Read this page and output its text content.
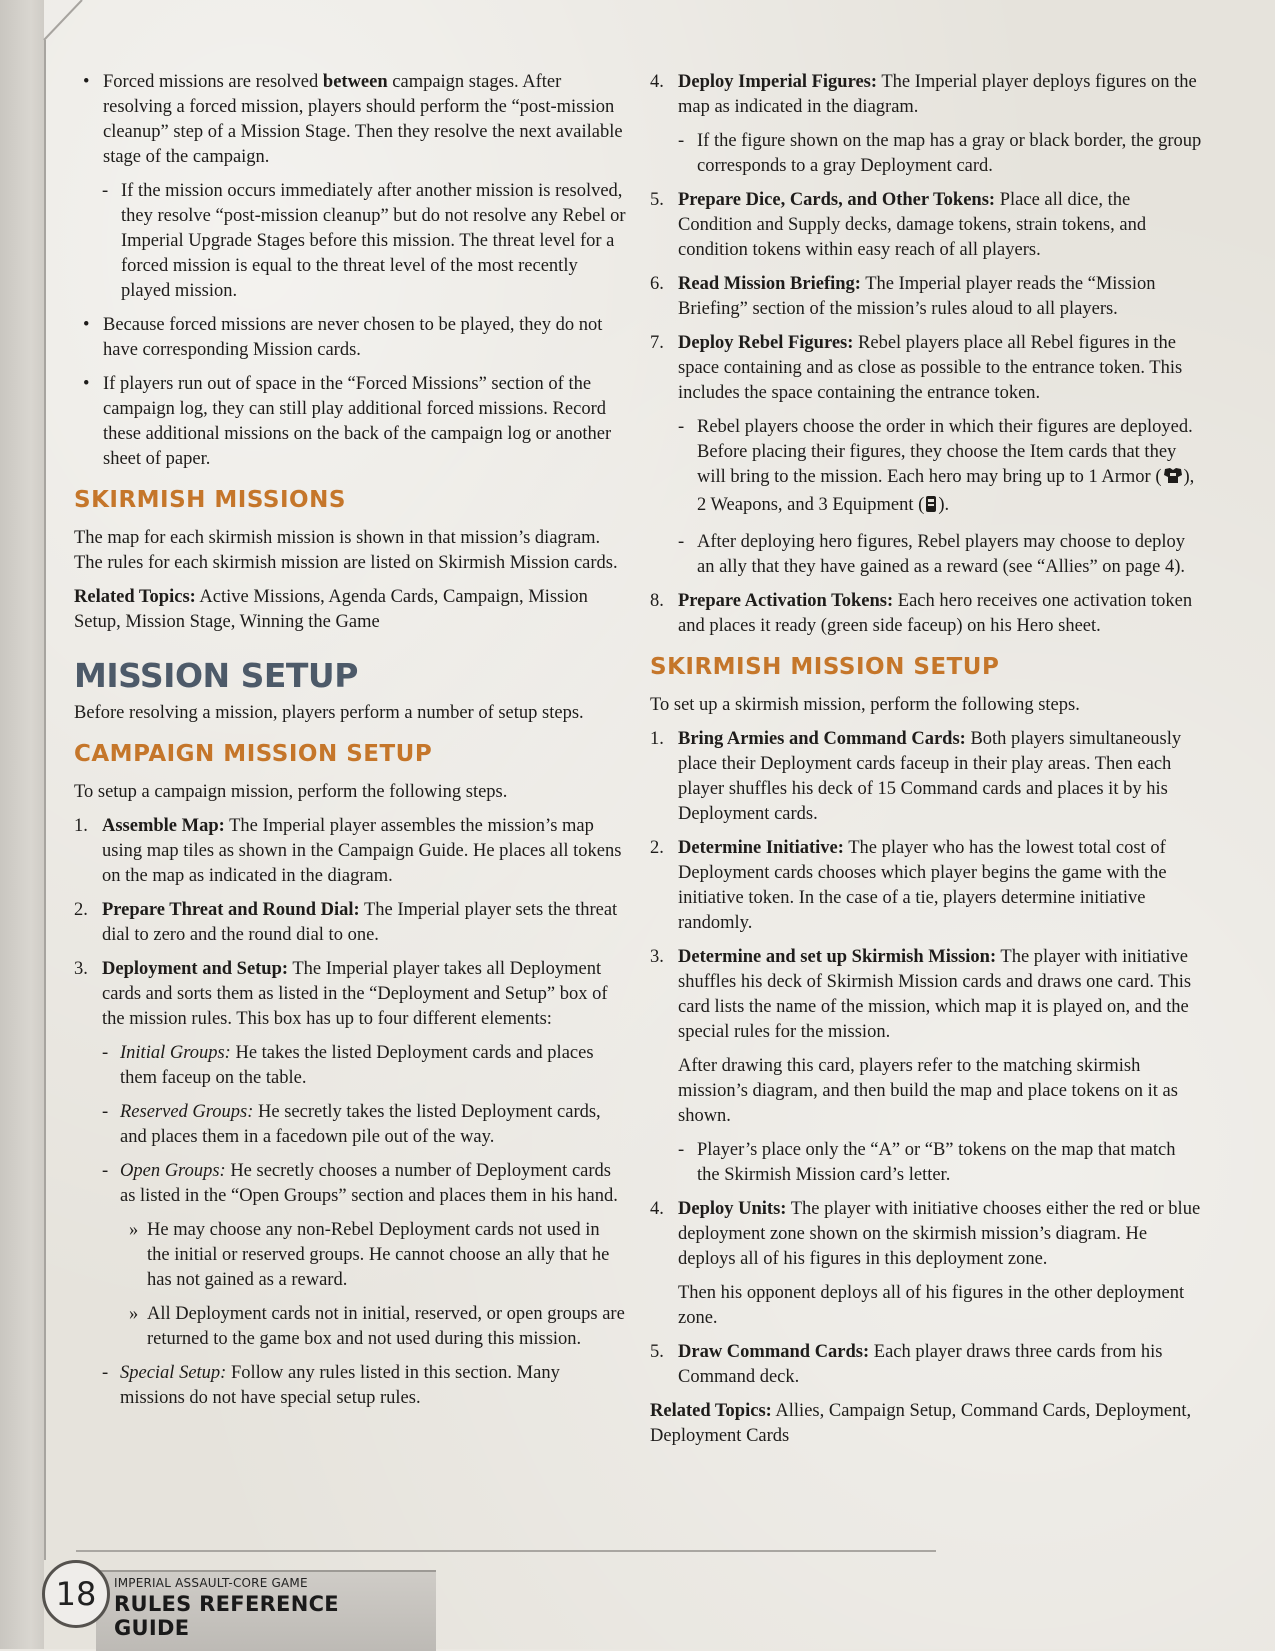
• Forced missions are resolved between campaign stages. After resolving a forced mission, players should perform the “post-mission cleanup” step of a Mission Stage. Then they resolve the next available stage of the campaign.
- If the mission occurs immediately after another mission is resolved, they resolve “post-mission cleanup” but do not resolve any Rebel or Imperial Upgrade Stages before this mission. The threat level for a forced mission is equal to the threat level of the most recently played mission.
• Because forced missions are never chosen to be played, they do not have corresponding Mission cards.
• If players run out of space in the “Forced Missions” section of the campaign log, they can still play additional forced missions. Record these additional missions on the back of the campaign log or another sheet of paper.
SKIRMISH MISSIONS

The map for each skirmish mission is shown in that mission’s diagram. The rules for each skirmish mission are listed on Skirmish Mission cards.

Related Topics: Active Missions, Agenda Cards, Campaign, Mission Setup, Mission Stage, Winning the Game

MISSION SETUP

Before resolving a mission, players perform a number of setup steps.

CAMPAIGN MISSION SETUP

To setup a campaign mission, perform the following steps.

1. Assemble Map: The Imperial player assembles the mission’s map using map tiles as shown in the Campaign Guide. He places all tokens on the map as indicated in the diagram.
2. Prepare Threat and Round Dial: The Imperial player sets the threat dial to zero and the round dial to one.
3. Deployment and Setup: The Imperial player takes all Deployment cards and sorts them as listed in the “Deployment and Setup” box of the mission rules. This box has up to four different elements:
- Initial Groups: He takes the listed Deployment cards and places them faceup on the table.
- Reserved Groups: He secretly takes the listed Deployment cards, and places them in a facedown pile out of the way.
- Open Groups: He secretly chooses a number of Deployment cards as listed in the “Open Groups” section and places them in his hand.
» He may choose any non-Rebel Deployment cards not used in the initial or reserved groups. He cannot choose an ally that he has not gained as a reward.
» All Deployment cards not in initial, reserved, or open groups are returned to the game box and not used during this mission.
- Special Setup: Follow any rules listed in this section. Many missions do not have special setup rules.
4. Deploy Imperial Figures: The Imperial player deploys figures on the map as indicated in the diagram.
- If the figure shown on the map has a gray or black border, the group corresponds to a gray Deployment card.
5. Prepare Dice, Cards, and Other Tokens: Place all dice, the Condition and Supply decks, damage tokens, strain tokens, and condition tokens within easy reach of all players.
6. Read Mission Briefing: The Imperial player reads the “Mission Briefing” section of the mission’s rules aloud to all players.
7. Deploy Rebel Figures: Rebel players place all Rebel figures in the space containing and as close as possible to the entrance token. This includes the space containing the entrance token.
- Rebel players choose the order in which their figures are deployed. Before placing their figures, they choose the Item cards that they will bring to the mission. Each hero may bring up to 1 Armor ( ), 2 Weapons, and 3 Equipment ( ).
- After deploying hero figures, Rebel players may choose to deploy an ally that they have gained as a reward (see “Allies” on page 4).
8. Prepare Activation Tokens: Each hero receives one activation token and places it ready (green side faceup) on his Hero sheet.
SKIRMISH MISSION SETUP

To set up a skirmish mission, perform the following steps.

1. Bring Armies and Command Cards: Both players simultaneously place their Deployment cards faceup in their play areas. Then each player shuffles his deck of 15 Command cards and places it by his Deployment cards.
2. Determine Initiative: The player who has the lowest total cost of Deployment cards chooses which player begins the game with the initiative token. In the case of a tie, players determine initiative randomly.
3. Determine and set up Skirmish Mission: The player with initiative shuffles his deck of Skirmish Mission cards and draws one card. This card lists the name of the mission, which map it is played on, and the special rules for the mission.

After drawing this card, players refer to the matching skirmish mission’s diagram, and then build the map and place tokens on it as shown.

- Player’s place only the “A” or “B” tokens on the map that match the Skirmish Mission card’s letter.
4. Deploy Units: The player with initiative chooses either the red or blue deployment zone shown on the skirmish mission’s diagram. He deploys all of his figures in this deployment zone.

Then his opponent deploys all of his figures in the other deployment zone.

5. Draw Command Cards: Each player draws three cards from his Command deck.

Related Topics: Allies, Campaign Setup, Command Cards, Deployment, Deployment Cards

18	IMPERIAL ASSAULT-CORE GAME
RULES REFERENCE GUIDE
